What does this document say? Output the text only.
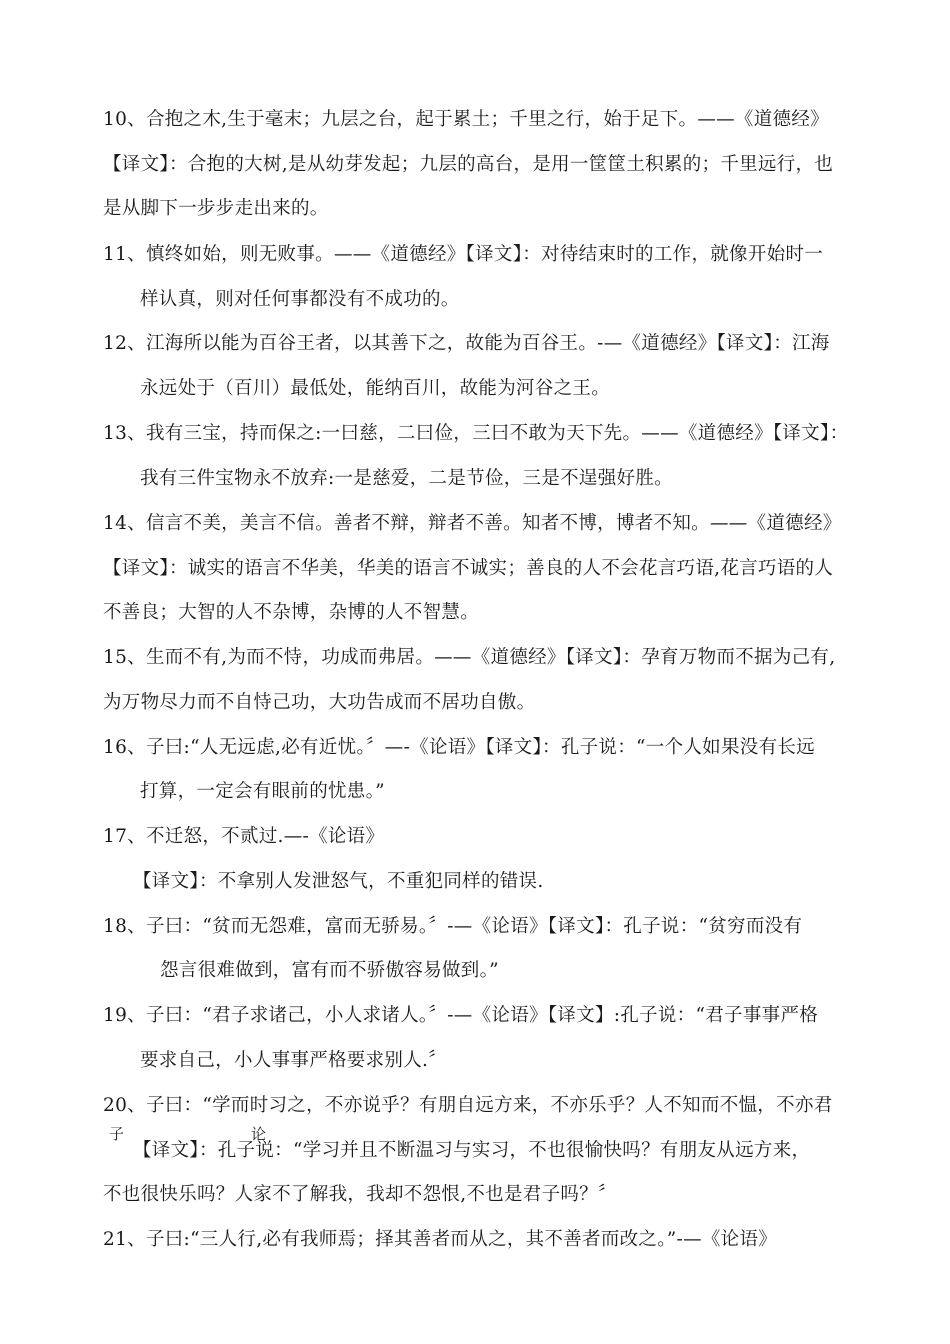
10、合抱之木,生于毫末；九层之台，起于累土；千里之行，始于足下。——《道德经》
【译文】：合抱的大树,是从幼芽发起；九层的高台，是用一筐筐土积累的；千里远行，也
是从脚下一步步走出来的。
11、慎终如始，则无败事。——《道德经》【译文】：对待结束时的工作，就像开始时一
样认真，则对任何事都没有不成功的。
12、江海所以能为百谷王者，以其善下之，故能为百谷王。-—《道德经》【译文】：江海
永远处于（百川）最低处，能纳百川，故能为河谷之王。
13、我有三宝，持而保之:一曰慈，二曰俭，三曰不敢为天下先。——《道德经》【译文】：
我有三件宝物永不放弃:一是慈爱，二是节俭，三是不逞强好胜。
14、信言不美，美言不信。善者不辩，辩者不善。知者不博，博者不知。——《道德经》
【译文】：诚实的语言不华美，华美的语言不诚实；善良的人不会花言巧语,花言巧语的人
不善良；大智的人不杂博，杂博的人不智慧。
15、生而不有,为而不恃，功成而弗居。——《道德经》【译文】：孕育万物而不据为己有,
为万物尽力而不自恃己功，大功告成而不居功自傲。
16、子曰:“人无远虑,必有近忧。〞—-《论语》【译文】：孔子说：“一个人如果没有长远
打算，一定会有眼前的忧患。”
17、不迁怒，不贰过.—-《论语》
【译文】：不拿别人发泄怒气，不重犯同样的错误.
18、子曰：“贫而无怨难，富而无骄易。〞-—《论语》【译文】：孔子说：“贫穷而没有
怨言很难做到，富有而不骄傲容易做到。”
19、子曰：“君子求诸己，小人求诸人。〞-—《论语》【译文】:孔子说：“君子事事严格
要求自己，小人事事严格要求别人.〞
20、子曰：“学而时习之，不亦说乎？有朋自远方来，不亦乐乎？人不知而不愠，不亦君
子	论
【译文】：孔子说：“学习并且不断温习与实习，不也很愉快吗？有朋友从远方来，
不也很快乐吗？人家不了解我，我却不怨恨,不也是君子吗？〞
21、子曰:“三人行,必有我师焉；择其善者而从之，其不善者而改之。”-—《论语》
